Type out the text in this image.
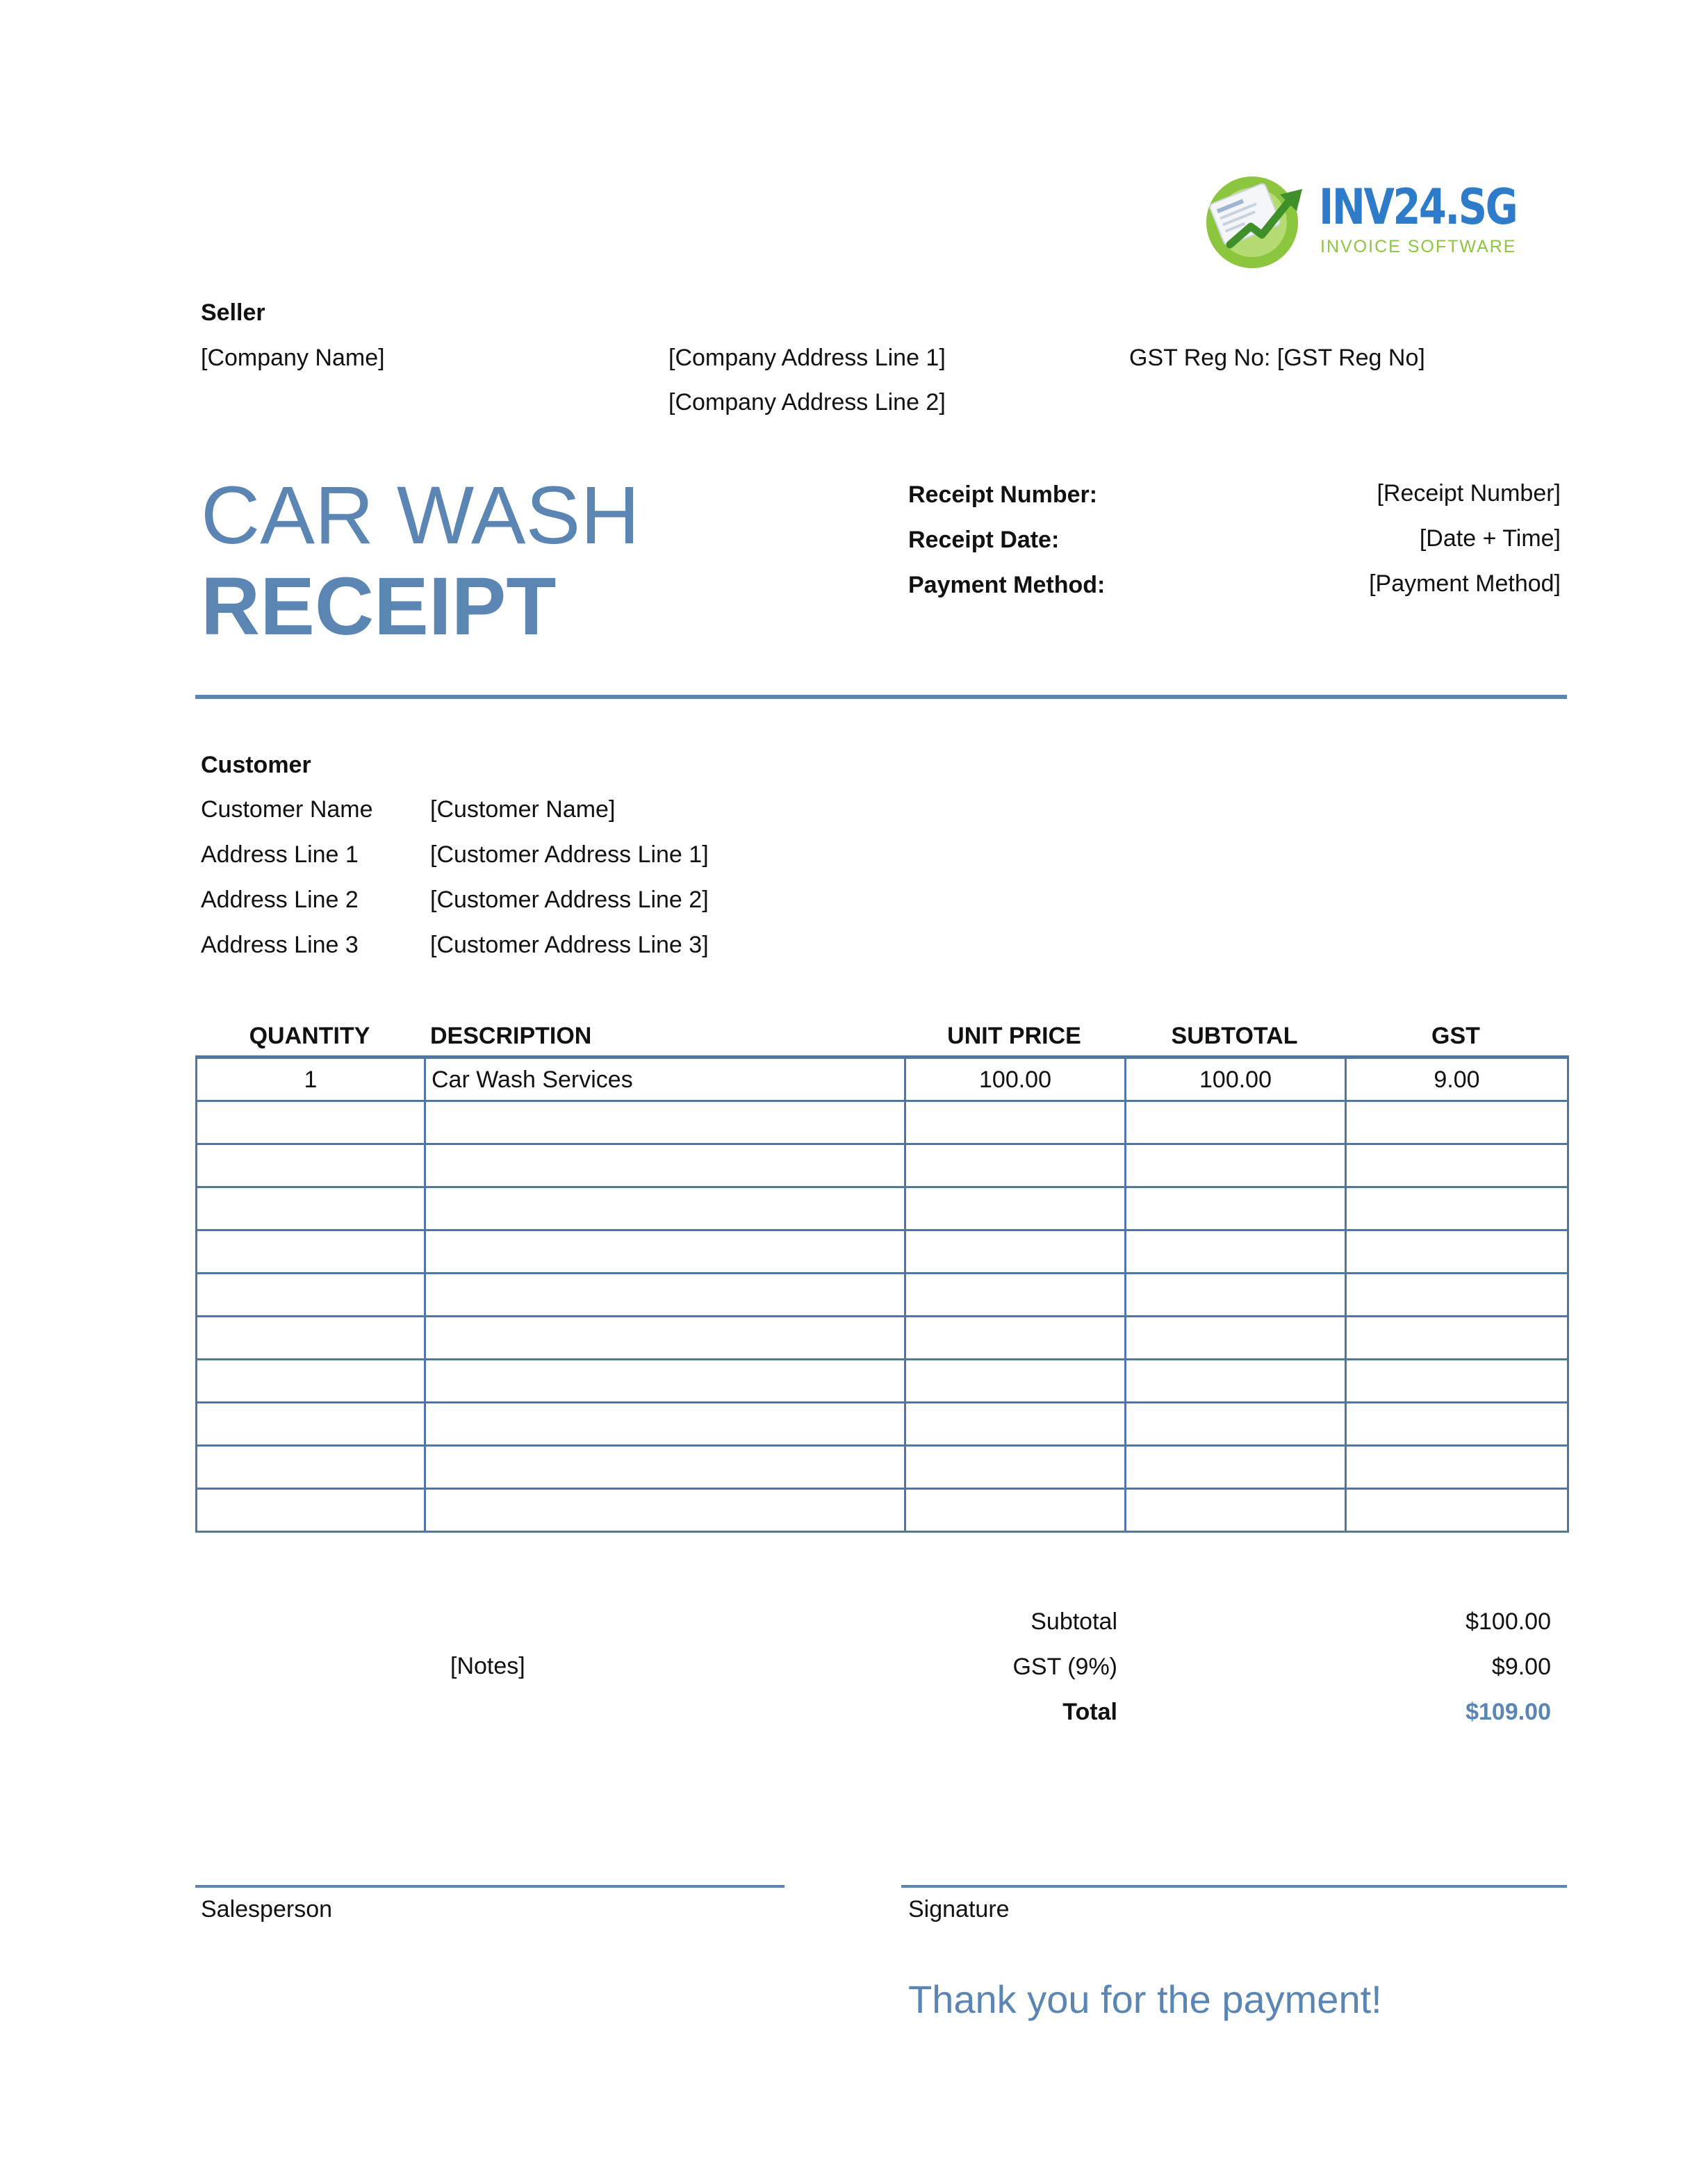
INV24.SG
INVOICE SOFTWARE
Seller
[Company Name]	[Company Address Line 1]
[Company Address Line 2]
GST Reg No: [GST Reg No]
CAR WASH
RECEIPT
Receipt Number:	[Receipt Number]
Receipt Date:	[Date + Time]
Payment Method:	[Payment Method]
Customer
Customer Name [Customer Name]
Address Line 1	[Customer Address Line 1]
Address Line 2	[Customer Address Line 2]
Address Line 3	[Customer Address Line 3]
QUANTITY	DESCRIPTION	UNIT PRICE	SUBTOTAL	GST
1	Car Wash Services	100.00	100.00	9.00

[Notes]
Subtotal	$100.00
GST (9%)	$9.00
Total	$109.00
Salesperson	Signature
Thank you for the payment!
